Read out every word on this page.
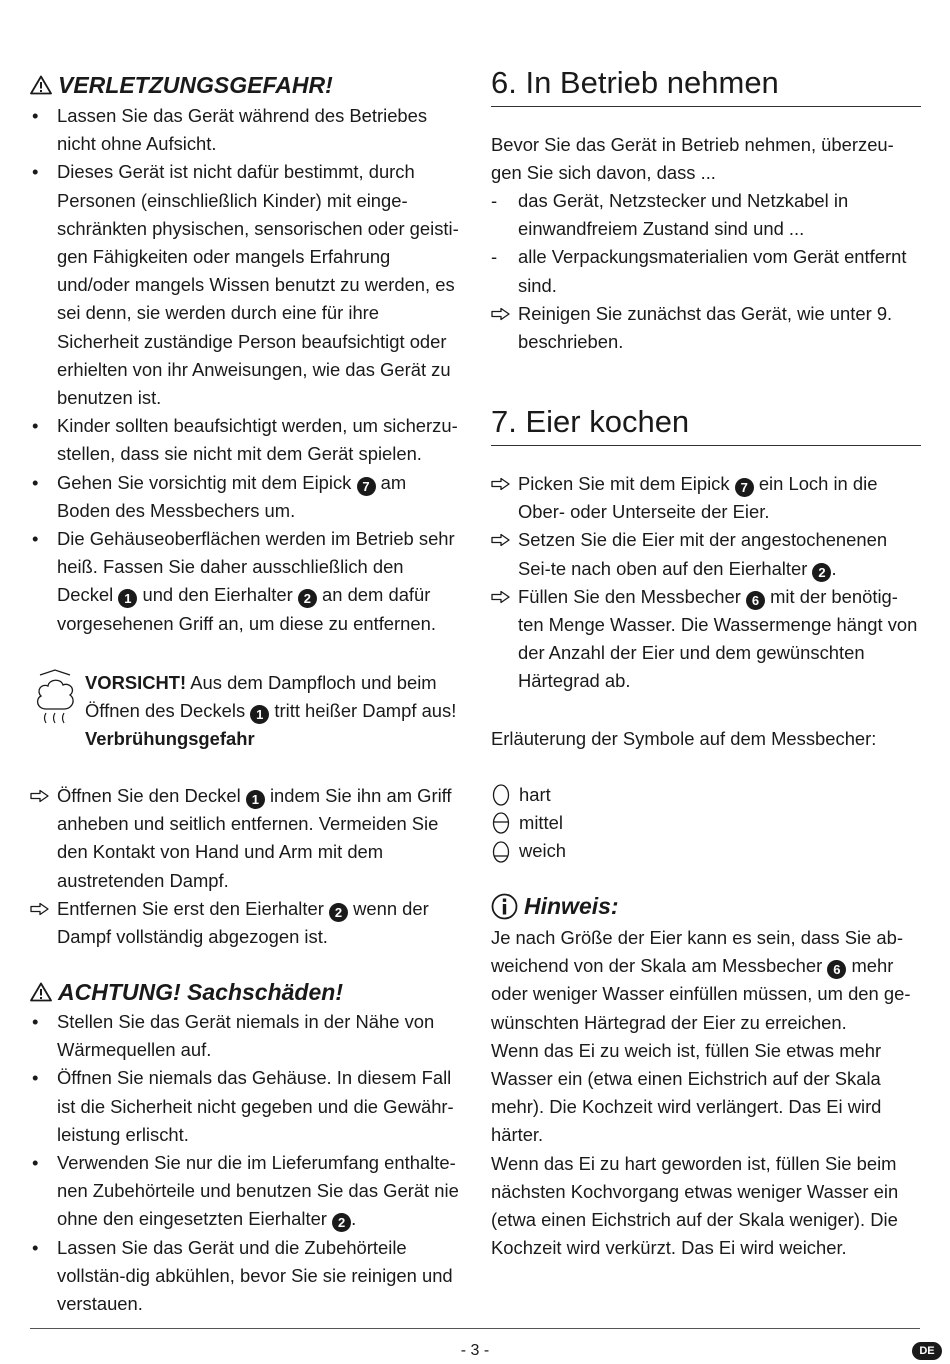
VERLETZUNGSGEFAHR!
• Lassen Sie das Gerät während des Betriebes nicht ohne Aufsicht.
• Dieses Gerät ist nicht dafür bestimmt, durch Personen (einschließlich Kinder) mit einge-schränkten physischen, sensorischen oder geisti-gen Fähigkeiten oder mangels Erfahrung und/oder mangels Wissen benutzt zu werden, es sei denn, sie werden durch eine für ihre Sicherheit zuständige Person beaufsichtigt oder erhielten von ihr Anweisungen, wie das Gerät zu benutzen ist.
• Kinder sollten beaufsichtigt werden, um sicherzu-stellen, dass sie nicht mit dem Gerät spielen.
• Gehen Sie vorsichtig mit dem Eipick 7 am Boden des Messbechers um.
• Die Gehäuseoberflächen werden im Betrieb sehr heiß. Fassen Sie daher ausschließlich den Deckel 1 und den Eierhalter 2 an dem dafür vorgesehenen Griff an, um diese zu entfernen.

VORSICHT! Aus dem Dampfloch und beim Öffnen des Deckels 1 tritt heißer Dampf aus! Verbrühungsgefahr

Öffnen Sie den Deckel 1 indem Sie ihn am Griff anheben und seitlich entfernen. Vermeiden Sie den Kontakt von Hand und Arm mit dem austretenden Dampf.

Entfernen Sie erst den Eierhalter 2 wenn der Dampf vollständig abgezogen ist.

ACHTUNG! Sachschäden!
• Stellen Sie das Gerät niemals in der Nähe von Wärmequellen auf.
• Öffnen Sie niemals das Gehäuse. In diesem Fall ist die Sicherheit nicht gegeben und die Gewähr-leistung erlischt.
• Verwenden Sie nur die im Lieferumfang enthalte-nen Zubehörteile und benutzen Sie das Gerät nie ohne den eingesetzten Eierhalter 2 .
• Lassen Sie das Gerät und die Zubehörteile vollstän-dig abkühlen, bevor Sie sie reinigen und verstauen.
6. In Betrieb nehmen

Bevor Sie das Gerät in Betrieb nehmen, überzeu-gen Sie sich davon, dass ...

- das Gerät, Netzstecker und Netzkabel in einwandfreiem Zustand sind und ...

- alle Verpackungsmaterialien vom Gerät entfernt sind.

Reinigen Sie zunächst das Gerät, wie unter 9. beschrieben.

7. Eier kochen

Picken Sie mit dem Eipick 7 ein Loch in die Ober- oder Unterseite der Eier.

Setzen Sie die Eier mit der angestochenenen Sei-te nach oben auf den Eierhalter 2 .

Füllen Sie den Messbecher 6 mit der benötig-ten Menge Wasser. Die Wassermenge hängt von der Anzahl der Eier und dem gewünschten Härtegrad ab.

Erläuterung der Symbole auf dem Messbecher:

hart

mittel

weich

Hinweis:

Je nach Größe der Eier kann es sein, dass Sie ab-weichend von der Skala am Messbecher 6 mehr oder weniger Wasser einfüllen müssen, um den ge-wünschten Härtegrad der Eier zu erreichen.

Wenn das Ei zu weich ist, füllen Sie etwas mehr Wasser ein (etwa einen Eichstrich auf der Skala mehr). Die Kochzeit wird verlängert. Das Ei wird härter.

Wenn das Ei zu hart geworden ist, füllen Sie beim nächsten Kochvorgang etwas weniger Wasser ein (etwa einen Eichstrich auf der Skala weniger). Die Kochzeit wird verkürzt. Das Ei wird weicher.

- 3 -	DE
